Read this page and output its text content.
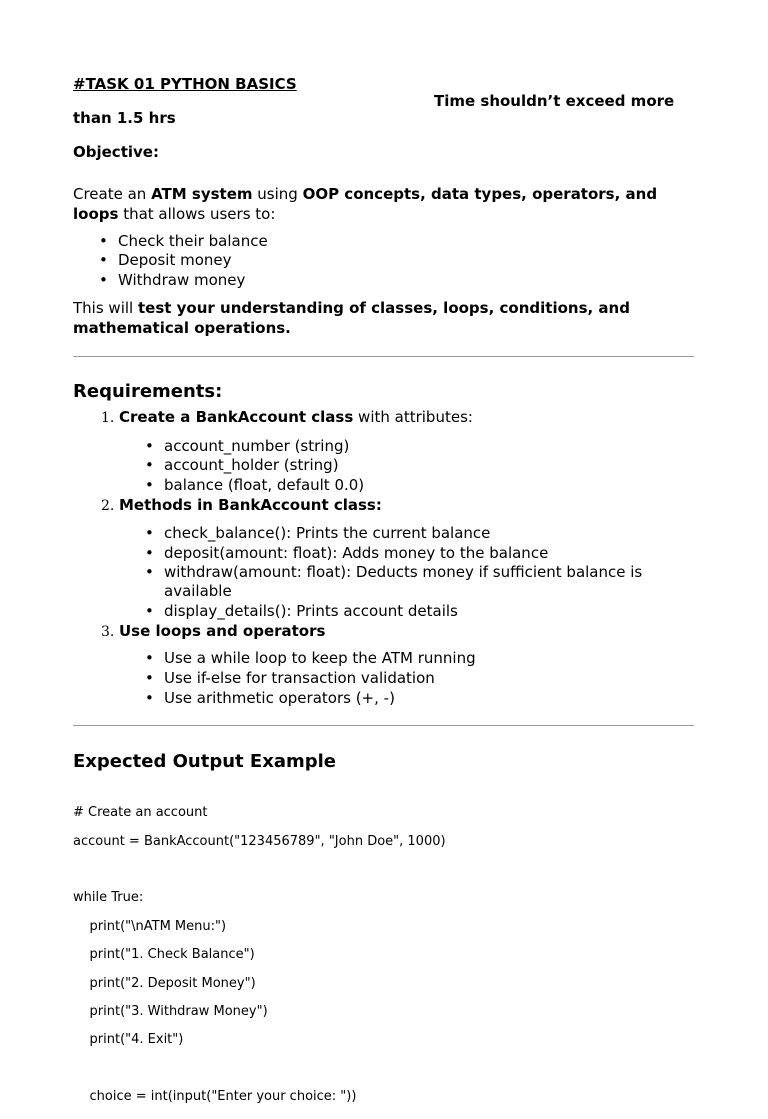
#TASK 01 PYTHON BASICS
Time shouldn’t exceed more
than 1.5 hrs
Objective:
Create an ATM system using OOP concepts, data types, operators, and
loops that allows users to:
• Check their balance
• Deposit money
• Withdraw money
This will test your understanding of classes, loops, conditions, and
mathematical operations.
Requirements:
1. Create a BankAccount class with attributes:
• account_number (string)
• account_holder (string)
• balance (float, default 0.0)
2. Methods in BankAccount class:
• check_balance(): Prints the current balance
• deposit(amount: float): Adds money to the balance
• withdraw(amount: float): Deducts money if sufficient balance is
available
• display_details(): Prints account details
3. Use loops and operators
• Use a while loop to keep the ATM running
• Use if-else for transaction validation
• Use arithmetic operators (+, -)
Expected Output Example

# Create an account

account = BankAccount("123456789", "John Doe", 1000)

while True:

print("\nATM Menu:")

print("1. Check Balance")

print("2. Deposit Money")

print("3. Withdraw Money")

print("4. Exit")

choice = int(input("Enter your choice: "))
